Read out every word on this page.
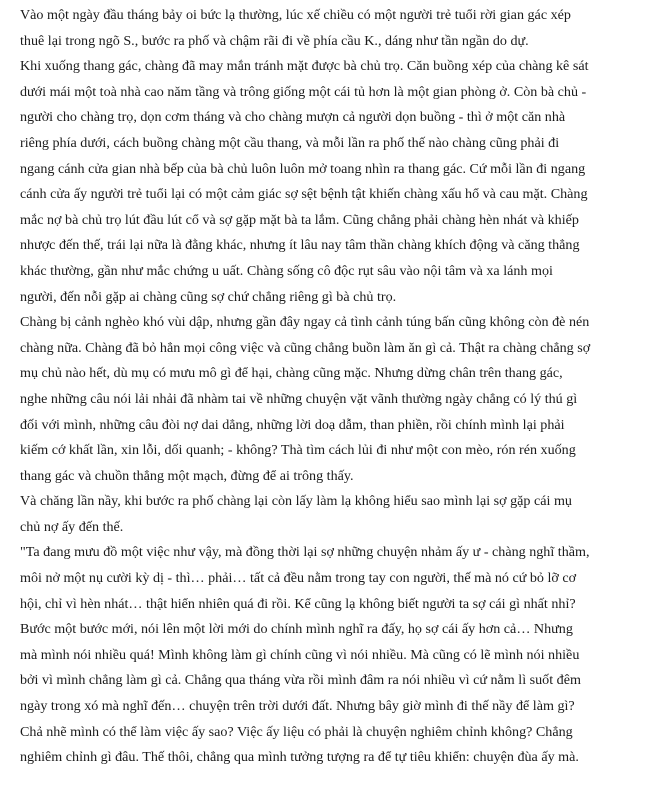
Vào một ngày đầu tháng bảy oi bức lạ thường, lúc xế chiều có một người trẻ tuổi rời gian gác xép
thuê lại trong ngõ S., bước ra phố và chậm rãi đi về phía cầu K., dáng như tần ngần do dự.

Khi xuống thang gác, chàng đã may mắn tránh mặt được bà chủ trọ. Căn buồng xép của chàng kê sát
dưới mái một toà nhà cao năm tầng và trông giống một cái tủ hơn là một gian phòng ở. Còn bà chủ -
người cho chàng trọ, dọn cơm tháng và cho chàng mượn cả người dọn buồng - thì ở một căn nhà
riêng phía dưới, cách buồng chàng một cầu thang, và mỗi lần ra phố thế nào chàng cũng phải đi
ngang cánh cửa gian nhà bếp của bà chủ luôn luôn mở toang nhìn ra thang gác. Cứ mỗi lần đi ngang
cánh cửa ấy người trẻ tuổi lại có một cảm giác sợ sệt bệnh tật khiến chàng xấu hổ và cau mặt. Chàng
mắc nợ bà chủ trọ lút đầu lút cổ và sợ gặp mặt bà ta lắm. Cũng chẳng phải chàng hèn nhát và khiếp
nhược đến thế, trái lại nữa là đằng khác, nhưng ít lâu nay tâm thần chàng khích động và căng thẳng
khác thường, gần như mắc chứng u uất. Chàng sống cô độc rụt sâu vào nội tâm và xa lánh mọi
người, đến nỗi gặp ai chàng cũng sợ chứ chẳng riêng gì bà chủ trọ.

Chàng bị cảnh nghèo khó vùi dập, nhưng gần đây ngay cả tình cảnh túng bấn cũng không còn đè nén
chàng nữa. Chàng đã bỏ hẳn mọi công việc và cũng chẳng buồn làm ăn gì cả. Thật ra chàng chẳng sợ
mụ chủ nào hết, dù mụ có mưu mô gì để hại, chàng cũng mặc. Nhưng dừng chân trên thang gác,
nghe những câu nói lải nhải đã nhàm tai về những chuyện vặt vãnh thường ngày chẳng có lý thú gì
đối với mình, những câu đòi nợ dai dẳng, những lời doạ dẫm, than phiền, rồi chính mình lại phải
kiếm cớ khất lần, xin lỗi, dối quanh; - không? Thà tìm cách lủi đi như một con mèo, rón rén xuống
thang gác và chuồn thẳng một mạch, đừng để ai trông thấy.

Và chăng lần nầy, khi bước ra phố chàng lại còn lấy làm lạ không hiểu sao mình lại sợ gặp cái mụ
chủ nợ ấy đến thế.

"Ta đang mưu đồ một việc như vậy, mà đồng thời lại sợ những chuyện nhảm ấy ư - chàng nghĩ thầm,
môi nở một nụ cười kỳ dị - thì… phải… tất cả đều nằm trong tay con người, thế mà nó cứ bỏ lỡ cơ
hội, chỉ vì hèn nhát… thật hiển nhiên quá đi rồi. Kể cũng lạ không biết người ta sợ cái gì nhất nhỉ?
Bước một bước mới, nói lên một lời mới do chính mình nghĩ ra đấy, họ sợ cái ấy hơn cả… Nhưng
mà mình nói nhiều quá! Mình không làm gì chính cũng vì nói nhiều. Mà cũng có lẽ mình nói nhiều
bởi vì mình chẳng làm gì cả. Chẳng qua tháng vừa rồi mình đâm ra nói nhiều vì cứ nằm lì suốt đêm
ngày trong xó mà nghĩ đến… chuyện trên trời dưới đất. Nhưng bây giờ mình đi thế nầy để làm gì?
Chả nhẽ mình có thể làm việc ấy sao? Việc ấy liệu có phải là chuyện nghiêm chỉnh không? Chẳng
nghiêm chỉnh gì đâu. Thế thôi, chẳng qua mình tưởng tượng ra để tự tiêu khiển: chuyện đùa ấy mà.
